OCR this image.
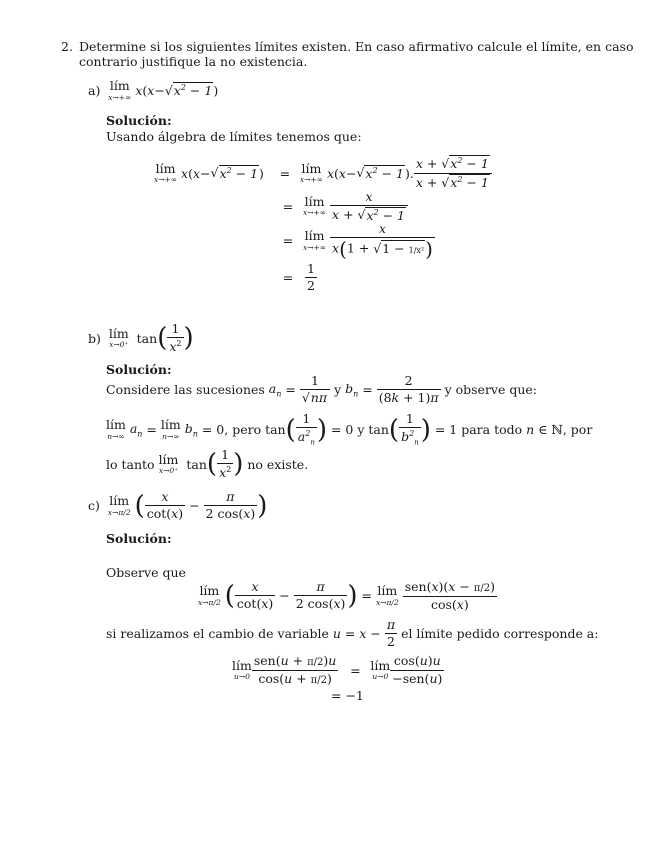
2. Determine si los siguientes límites existen. En caso afirmativo calcule el límite, en caso
contrario justifique la no existencia.
a)
lím
x→+∞
x ( $x - √x^2 - 1$ )
Solución:
Usando álgebra de límites tenemos que:
lím
x→+∞
x ( $x - √x^2 - 1$ )	= lím
x→+∞
x ( $x - √x^2 - 1$ ). $\frac{x + √x^2 - 1}{x + √x^2 - 1}$
= lím
x→+∞
$\frac{x}{x + √x^2 - 1}$
= lím
x→+∞
$\frac{x}{\text{x(1 + √1 − 1/x²)}}$
= $\frac{1}{2}$
b)
lím
x→0⁺ tan ( $\frac{1}{x^2}$ )
Solución:
Considere las sucesiones
$a_n = \frac{1}{√n\pi}$
y
$b_n = \frac{2}{(8k + 1)\pi}$
y observe que:
lím
n→∞

$a_n$ = lím
n→∞

$b_n = 0$ , pero tan ( $\frac{1}{a^2_n}$ )
= 0 y tan ( $\frac{1}{b^2_n}$ )
= 1 para todo
n ∈ ℕ , por
lo tanto
lím
x→0⁺ tan ( $\frac{1}{x^2}$ )
no existe.
c)
lím
x→π/2
( $\frac{x}{\cot(x)} - \frac{\pi}{2 \cos(x)}$ )
Solución:
Observe que
lím
x→π/2
( $\frac{x}{\cot(x)} - \frac{\pi}{2 \cos(x)}$ ) = lím
x→π/2
$\frac{\text{sen(x)(x − π/2)}}{\cos(x)}$
si realizamos el cambio de variable
$u = x - \frac{\pi}{2}$
el límite pedido corresponde a:
lím
$u\to 0 \frac{\text{sen(u + π/2)u}}{\cos(u + \pi/2)}$ = lím
$u\to 0 \frac{\cos(u)u}{\text{−sen(u)}}$
= −1
